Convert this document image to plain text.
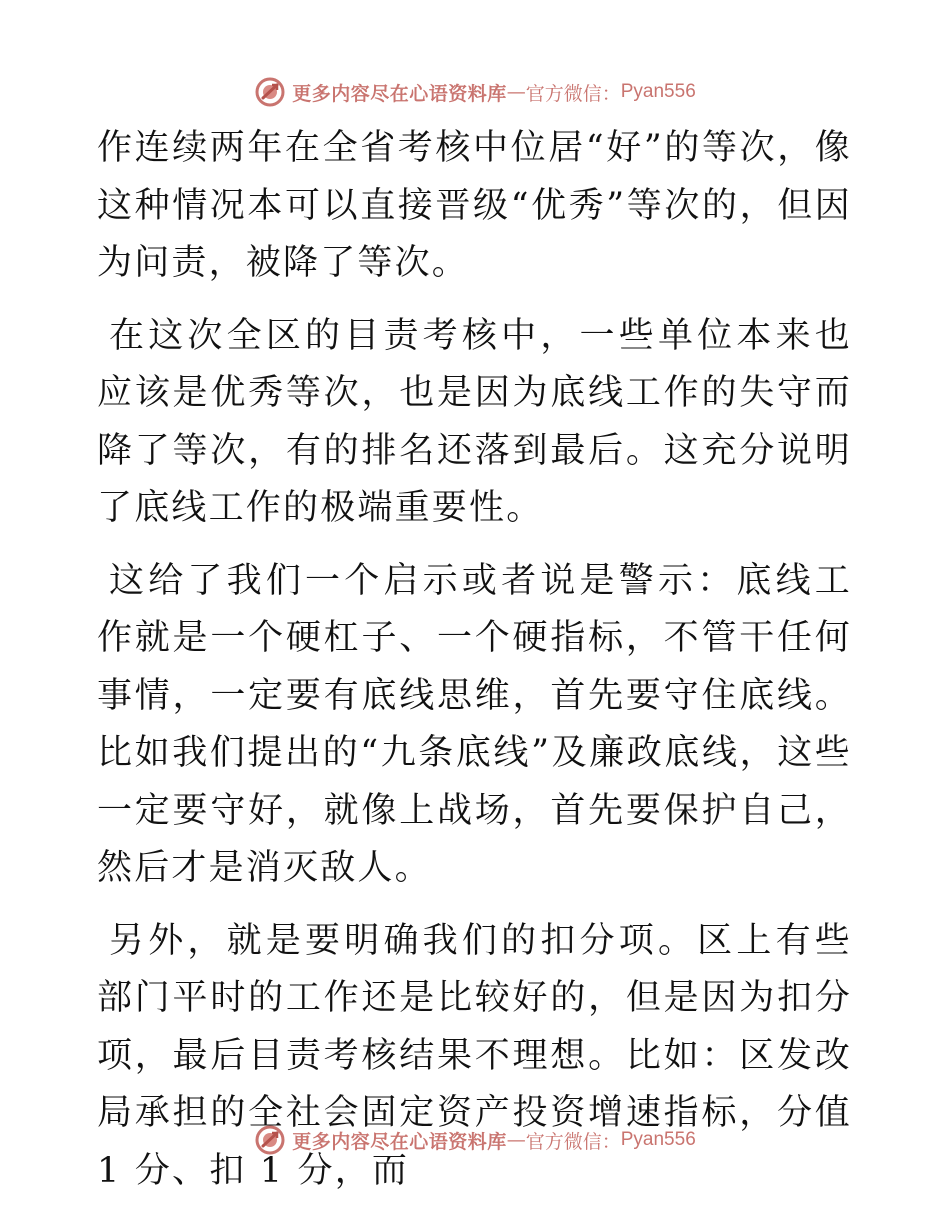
更多内容尽在心语资料库 — 官方微信： Pyan556

作连续两年在全省考核中位居“好”的等次，像这种情况本可以直接晋级“优秀”等次的，但因为问责，被降了等次。

在这次全区的目责考核中，一些单位本来也应该是优秀等次，也是因为底线工作的失守而降了等次，有的排名还落到最后。这充分说明了底线工作的极端重要性。

这给了我们一个启示或者说是警示：底线工作就是一个硬杠子、一个硬指标，不管干任何事情，一定要有底线思维，首先要守住底线。比如我们提出的“九条底线”及廉政底线，这些一定要守好，就像上战场，首先要保护自己，然后才是消灭敌人。

另外，就是要明确我们的扣分项。区上有些部门平时的工作还是比较好的，但是因为扣分项，最后目责考核结果不理想。比如：区发改局承担的全社会固定资产投资增速指标，分值 1 分、扣 1 分，而

更多内容尽在心语资料库 — 官方微信： Pyan556
